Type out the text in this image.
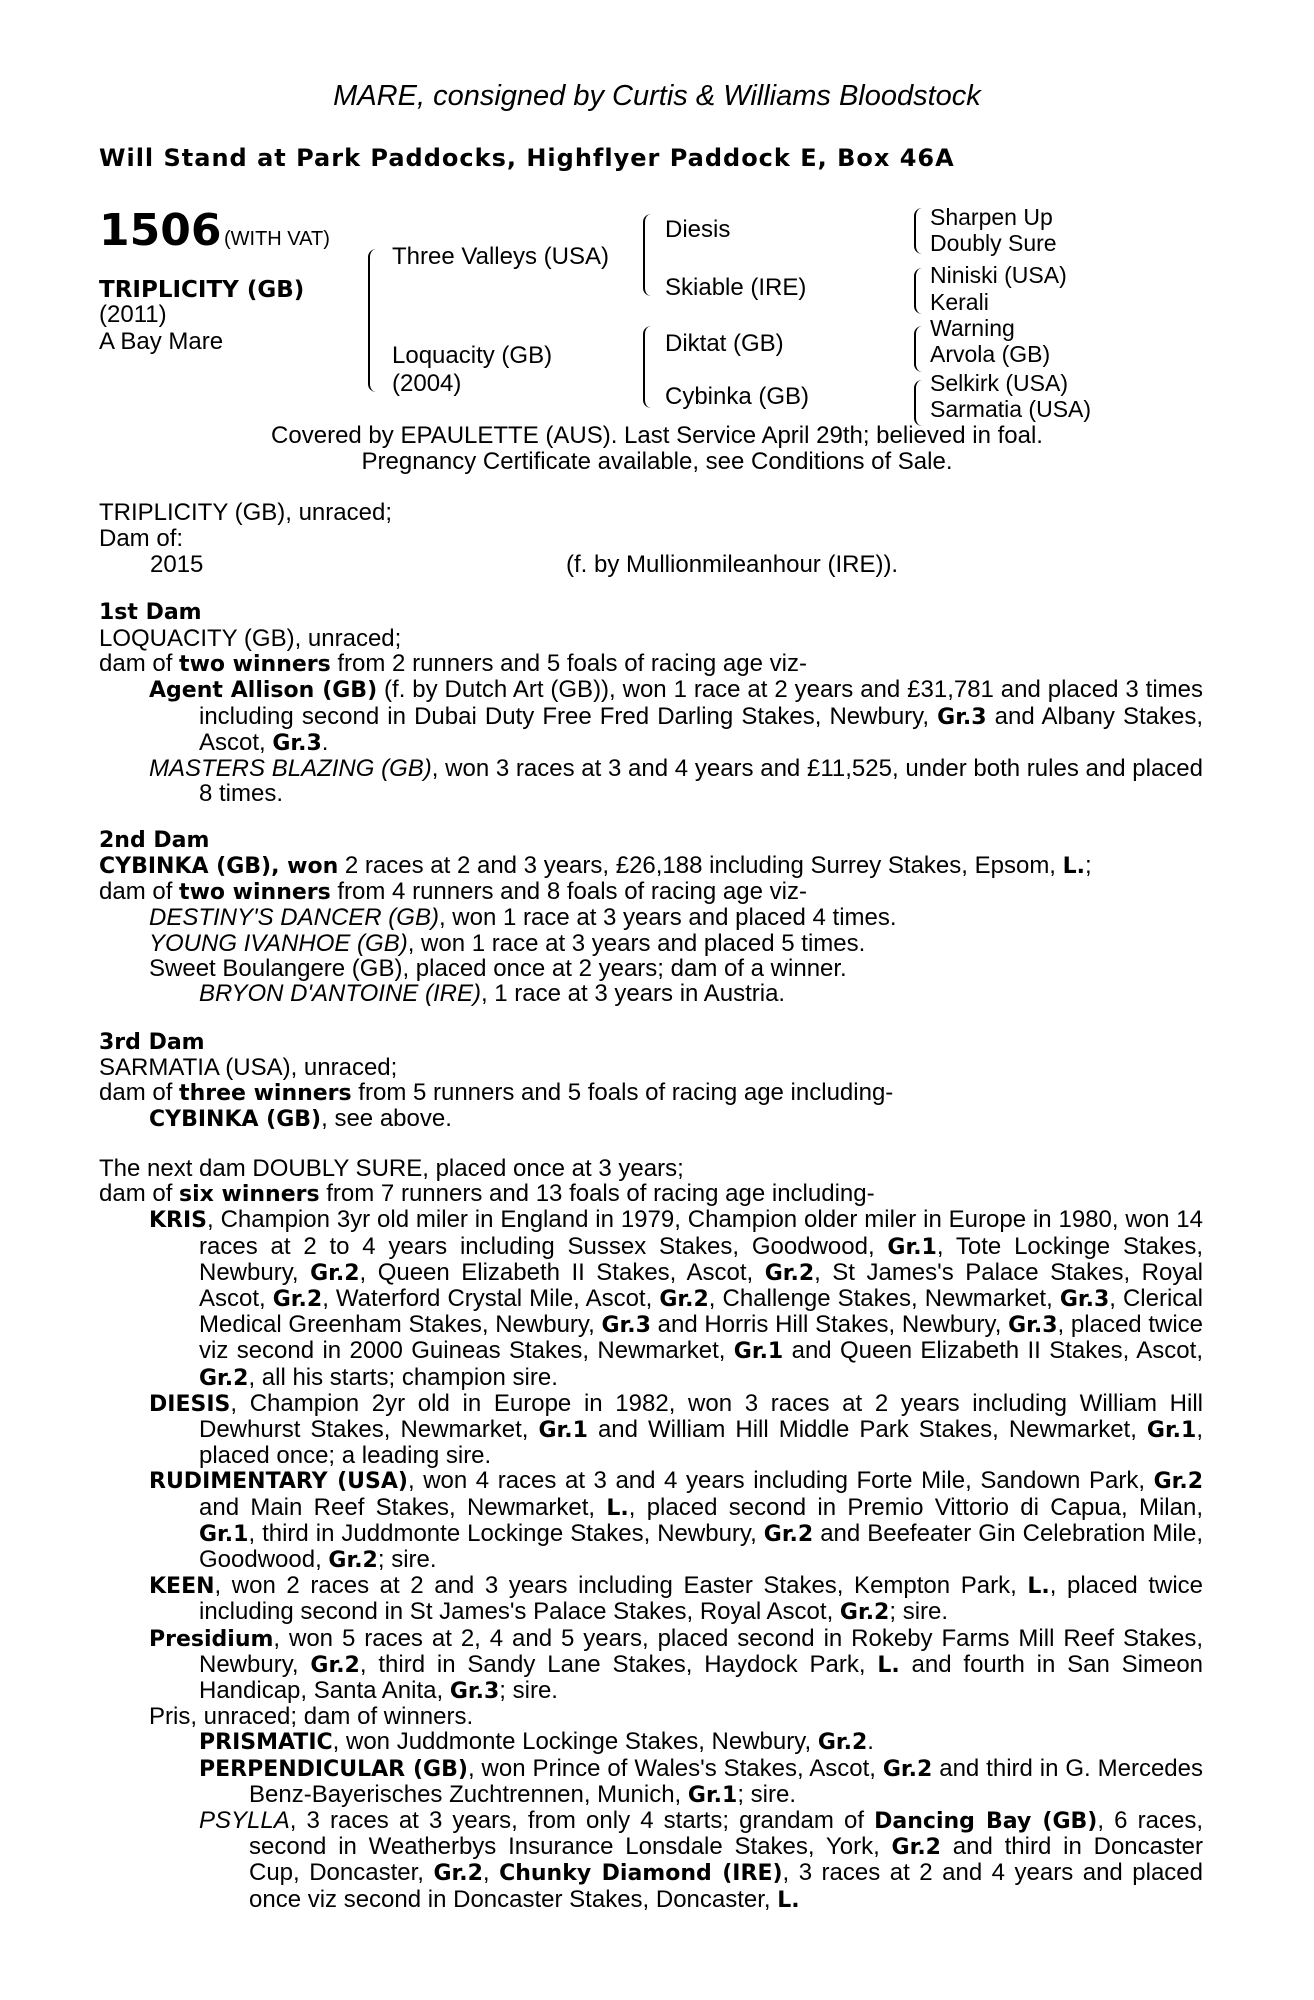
MARE, consigned by Curtis & Williams Bloodstock
Will Stand at Park Paddocks, Highflyer Paddock E, Box 46A
1506 (WITH VAT)
TRIPLICITY (GB)
(2011)
A Bay Mare
Three Valleys (USA)
Loquacity (GB)
(2004)
Diesis
Skiable (IRE)
Diktat (GB)
Cybinka (GB)
Sharpen Up
Doubly Sure
Niniski (USA)
Kerali
Warning
Arvola (GB)
Selkirk (USA)
Sarmatia (USA)
Covered by EPAULETTE (AUS). Last Service April 29th; believed in foal.
Pregnancy Certificate available, see Conditions of Sale.
TRIPLICITY (GB), unraced;
Dam of:
2015	(f. by Mullionmileanhour (IRE)).
1st Dam
LOQUACITY (GB), unraced;
dam of two winners from 2 runners and 5 foals of racing age viz-
Agent Allison (GB) (f. by Dutch Art (GB)), won 1 race at 2 years and £31,781 and placed 3 times including second in Dubai Duty Free Fred Darling Stakes, Newbury, Gr.3 and Albany Stakes, Ascot, Gr.3.
MASTERS BLAZING (GB), won 3 races at 3 and 4 years and £11,525, under both rules and placed 8 times.
2nd Dam
CYBINKA (GB), won 2 races at 2 and 3 years, £26,188 including Surrey Stakes, Epsom, L.;
dam of two winners from 4 runners and 8 foals of racing age viz-
DESTINY'S DANCER (GB), won 1 race at 3 years and placed 4 times.
YOUNG IVANHOE (GB), won 1 race at 3 years and placed 5 times.
Sweet Boulangere (GB), placed once at 2 years; dam of a winner.
BRYON D'ANTOINE (IRE), 1 race at 3 years in Austria.
3rd Dam
SARMATIA (USA), unraced;
dam of three winners from 5 runners and 5 foals of racing age including-
CYBINKA (GB), see above.
The next dam DOUBLY SURE, placed once at 3 years;
dam of six winners from 7 runners and 13 foals of racing age including-
KRIS, Champion 3yr old miler in England in 1979, Champion older miler in Europe in 1980, won 14 races at 2 to 4 years including Sussex Stakes, Goodwood, Gr.1, Tote Lockinge Stakes, Newbury, Gr.2, Queen Elizabeth II Stakes, Ascot, Gr.2, St James's Palace Stakes, Royal Ascot, Gr.2, Waterford Crystal Mile, Ascot, Gr.2, Challenge Stakes, Newmarket, Gr.3, Clerical Medical Greenham Stakes, Newbury, Gr.3 and Horris Hill Stakes, Newbury, Gr.3, placed twice viz second in 2000 Guineas Stakes, Newmarket, Gr.1 and Queen Elizabeth II Stakes, Ascot, Gr.2, all his starts; champion sire.
DIESIS, Champion 2yr old in Europe in 1982, won 3 races at 2 years including William Hill Dewhurst Stakes, Newmarket, Gr.1 and William Hill Middle Park Stakes, Newmarket, Gr.1, placed once; a leading sire.
RUDIMENTARY (USA), won 4 races at 3 and 4 years including Forte Mile, Sandown Park, Gr.2 and Main Reef Stakes, Newmarket, L., placed second in Premio Vittorio di Capua, Milan, Gr.1, third in Juddmonte Lockinge Stakes, Newbury, Gr.2 and Beefeater Gin Celebration Mile, Goodwood, Gr.2; sire.
KEEN, won 2 races at 2 and 3 years including Easter Stakes, Kempton Park, L., placed twice including second in St James's Palace Stakes, Royal Ascot, Gr.2; sire.
Presidium, won 5 races at 2, 4 and 5 years, placed second in Rokeby Farms Mill Reef Stakes, Newbury, Gr.2, third in Sandy Lane Stakes, Haydock Park, L. and fourth in San Simeon Handicap, Santa Anita, Gr.3; sire.
Pris, unraced; dam of winners.
PRISMATIC, won Juddmonte Lockinge Stakes, Newbury, Gr.2.
PERPENDICULAR (GB), won Prince of Wales's Stakes, Ascot, Gr.2 and third in G. Mercedes Benz-Bayerisches Zuchtrennen, Munich, Gr.1; sire.
PSYLLA, 3 races at 3 years, from only 4 starts; grandam of Dancing Bay (GB), 6 races, second in Weatherbys Insurance Lonsdale Stakes, York, Gr.2 and third in Doncaster Cup, Doncaster, Gr.2, Chunky Diamond (IRE), 3 races at 2 and 4 years and placed once viz second in Doncaster Stakes, Doncaster, L.
